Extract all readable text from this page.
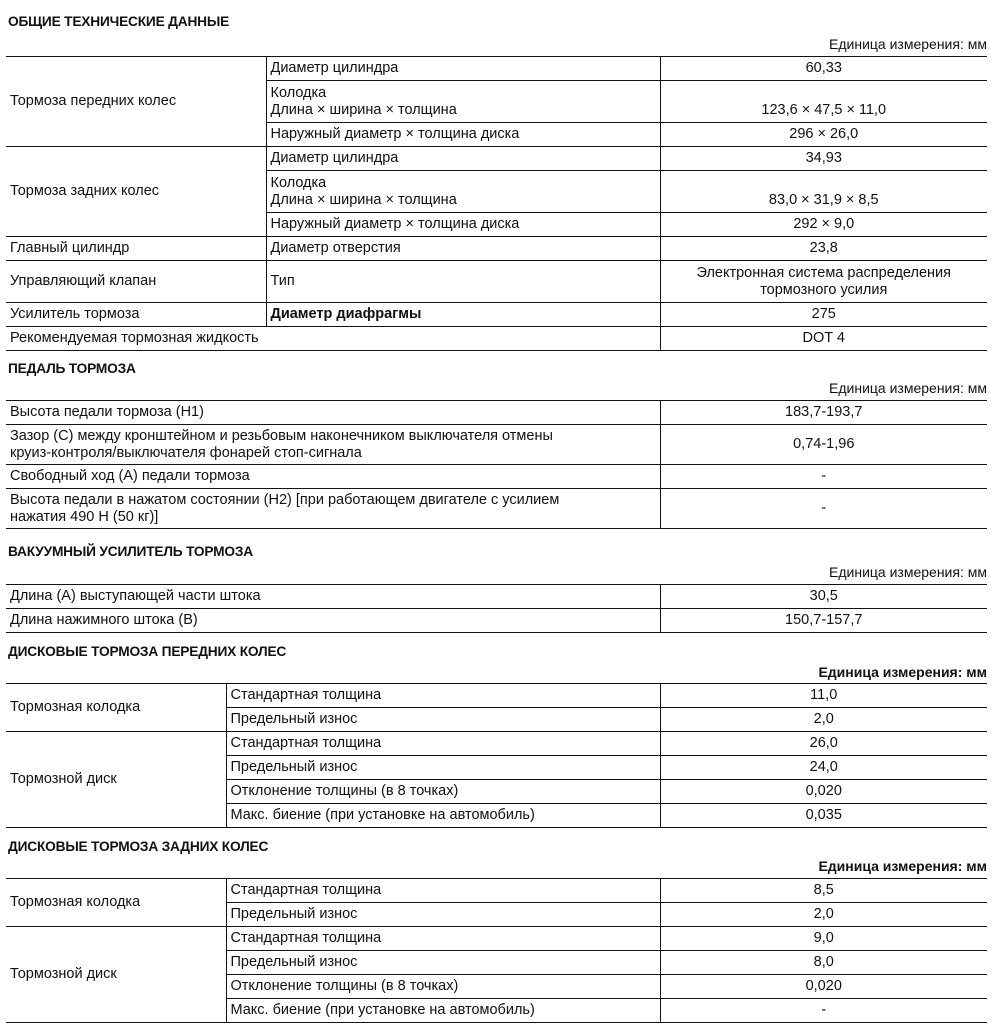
ОБЩИЕ ТЕХНИЧЕСКИЕ ДАННЫЕ
Единица измерения: мм
Тормоза передних колес	Диаметр цилиндра	60,33

	Колодка
Длина × ширина × толщина	123,6 × 47,5 × 11,0
	Наружный диаметр × толщина диска	296 × 26,0
Тормоза задних колес	Диаметр цилиндра	34,93

	Колодка
Длина × ширина × толщина	83,0 × 31,9 × 8,5
	Наружный диаметр × толщина диска	292 × 9,0
Главный цилиндр	Диаметр отверстия	23,8
Управляющий клапан	Тип	Электронная система распределения
тормозного усилия

Усилитель тормоза	Диаметр диафрагмы	275
Рекомендуемая тормозная жидкость		DOT 4
ПЕДАЛЬ ТОРМОЗА
Единица измерения: мм
Высота педали тормоза (H1)	183,7-193,7

Зазор (С) между кронштейном и резьбовым наконечником выключателя отмены
круиз-контроля/выключателя фонарей стоп-сигнала	0,74-1,96
Свободный ход (А) педали тормоза	-

Высота педали в нажатом состоянии (H2) [при работающем двигателе с усилием
нажатия 490 Н (50 кг)]	-
ВАКУУМНЫЙ УСИЛИТЕЛЬ ТОРМОЗА
Единица измерения: мм
Длина (А) выступающей части штока	30,5
Длина нажимного штока (В)	150,7-157,7
ДИСКОВЫЕ ТОРМОЗА ПЕРЕДНИХ КОЛЕС
Единица измерения: мм
Тормозная колодка	Стандартная толщина	11,0
	Предельный износ	2,0
Тормозной диск	Стандартная толщина	26,0
	Предельный износ	24,0
	Отклонение толщины (в 8 точках)	0,020
	Макс. биение (при установке на автомобиль)	0,035
ДИСКОВЫЕ ТОРМОЗА ЗАДНИХ КОЛЕС
Единица измерения: мм
Тормозная колодка	Стандартная толщина	8,5
	Предельный износ	2,0
Тормозной диск	Стандартная толщина	9,0
	Предельный износ	8,0
	Отклонение толщины (в 8 точках)	0,020
	Макс. биение (при установке на автомобиль)	-
